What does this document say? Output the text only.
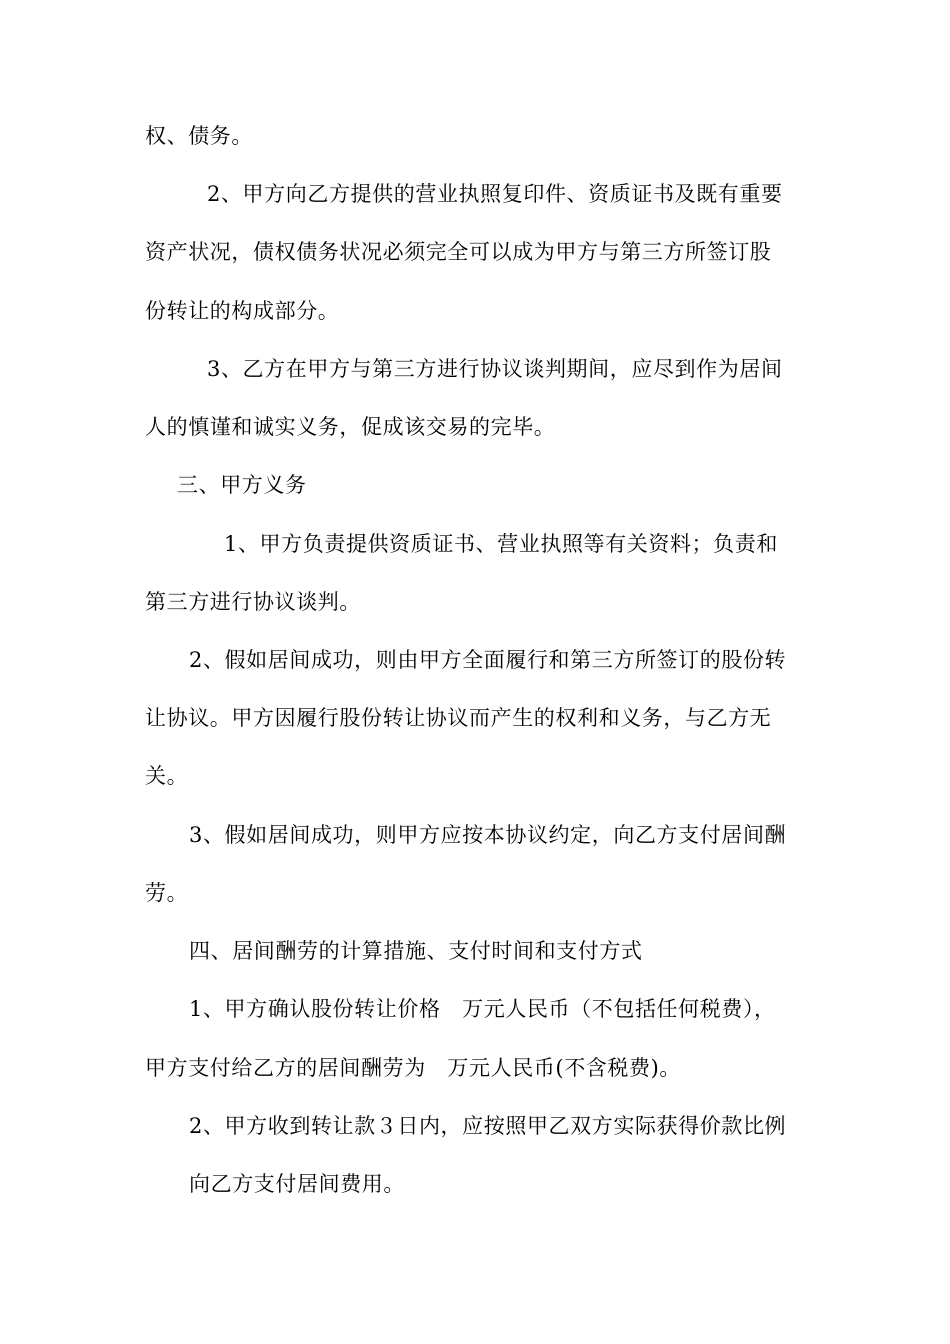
权、债务。
2、甲方向乙方提供的营业执照复印件、资质证书及既有重要
资产状况，债权债务状况必须完全可以成为甲方与第三方所签订股
份转让的构成部分。
3、乙方在甲方与第三方进行协议谈判期间，应尽到作为居间
人的慎谨和诚实义务，促成该交易的完毕。
三、甲方义务
1、甲方负责提供资质证书、营业执照等有关资料；负责和
第三方进行协议谈判。
2、假如居间成功，则由甲方全面履行和第三方所签订的股份转
让协议。甲方因履行股份转让协议而产生的权利和义务，与乙方无
关。
3、假如居间成功，则甲方应按本协议约定，向乙方支付居间酬
劳。
四、居间酬劳的计算措施、支付时间和支付方式
1、甲方确认股份转让价格　万元人民币（不包括任何税费），
甲方支付给乙方的居间酬劳为　万元人民币(不含税费)。
2、甲方收到转让款３日内，应按照甲乙双方实际获得价款比例
向乙方支付居间费用。
